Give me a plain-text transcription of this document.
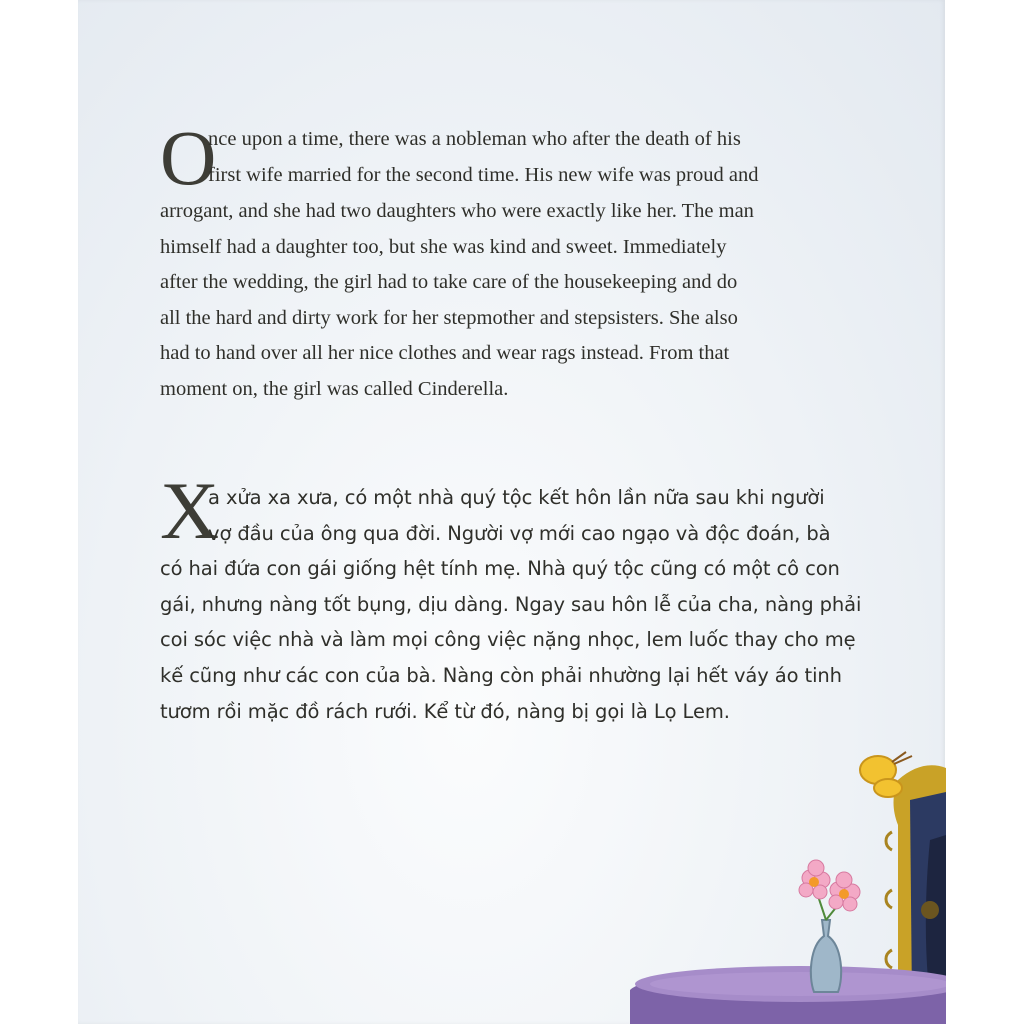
O
nce upon a time, there was a nobleman who after the death of his
first wife married for the second time. His new wife was proud and
arrogant, and she had two daughters who were exactly like her. The man
himself had a daughter too, but she was kind and sweet. Immediately
after the wedding, the girl had to take care of the housekeeping and do
all the hard and dirty work for her stepmother and stepsisters. She also
had to hand over all her nice clothes and wear rags instead. From that
moment on, the girl was called Cinderella.
X
a xửa xa xưa, có một nhà quý tộc kết hôn lần nữa sau khi người
vợ đầu của ông qua đời. Người vợ mới cao ngạo và độc đoán, bà
có hai đứa con gái giống hệt tính mẹ. Nhà quý tộc cũng có một cô con
gái, nhưng nàng tốt bụng, dịu dàng. Ngay sau hôn lễ của cha, nàng phải
coi sóc việc nhà và làm mọi công việc nặng nhọc, lem luốc thay cho mẹ
kế cũng như các con của bà. Nàng còn phải nhường lại hết váy áo tinh
tươm rồi mặc đồ rách rưới. Kể từ đó, nàng bị gọi là Lọ Lem.
